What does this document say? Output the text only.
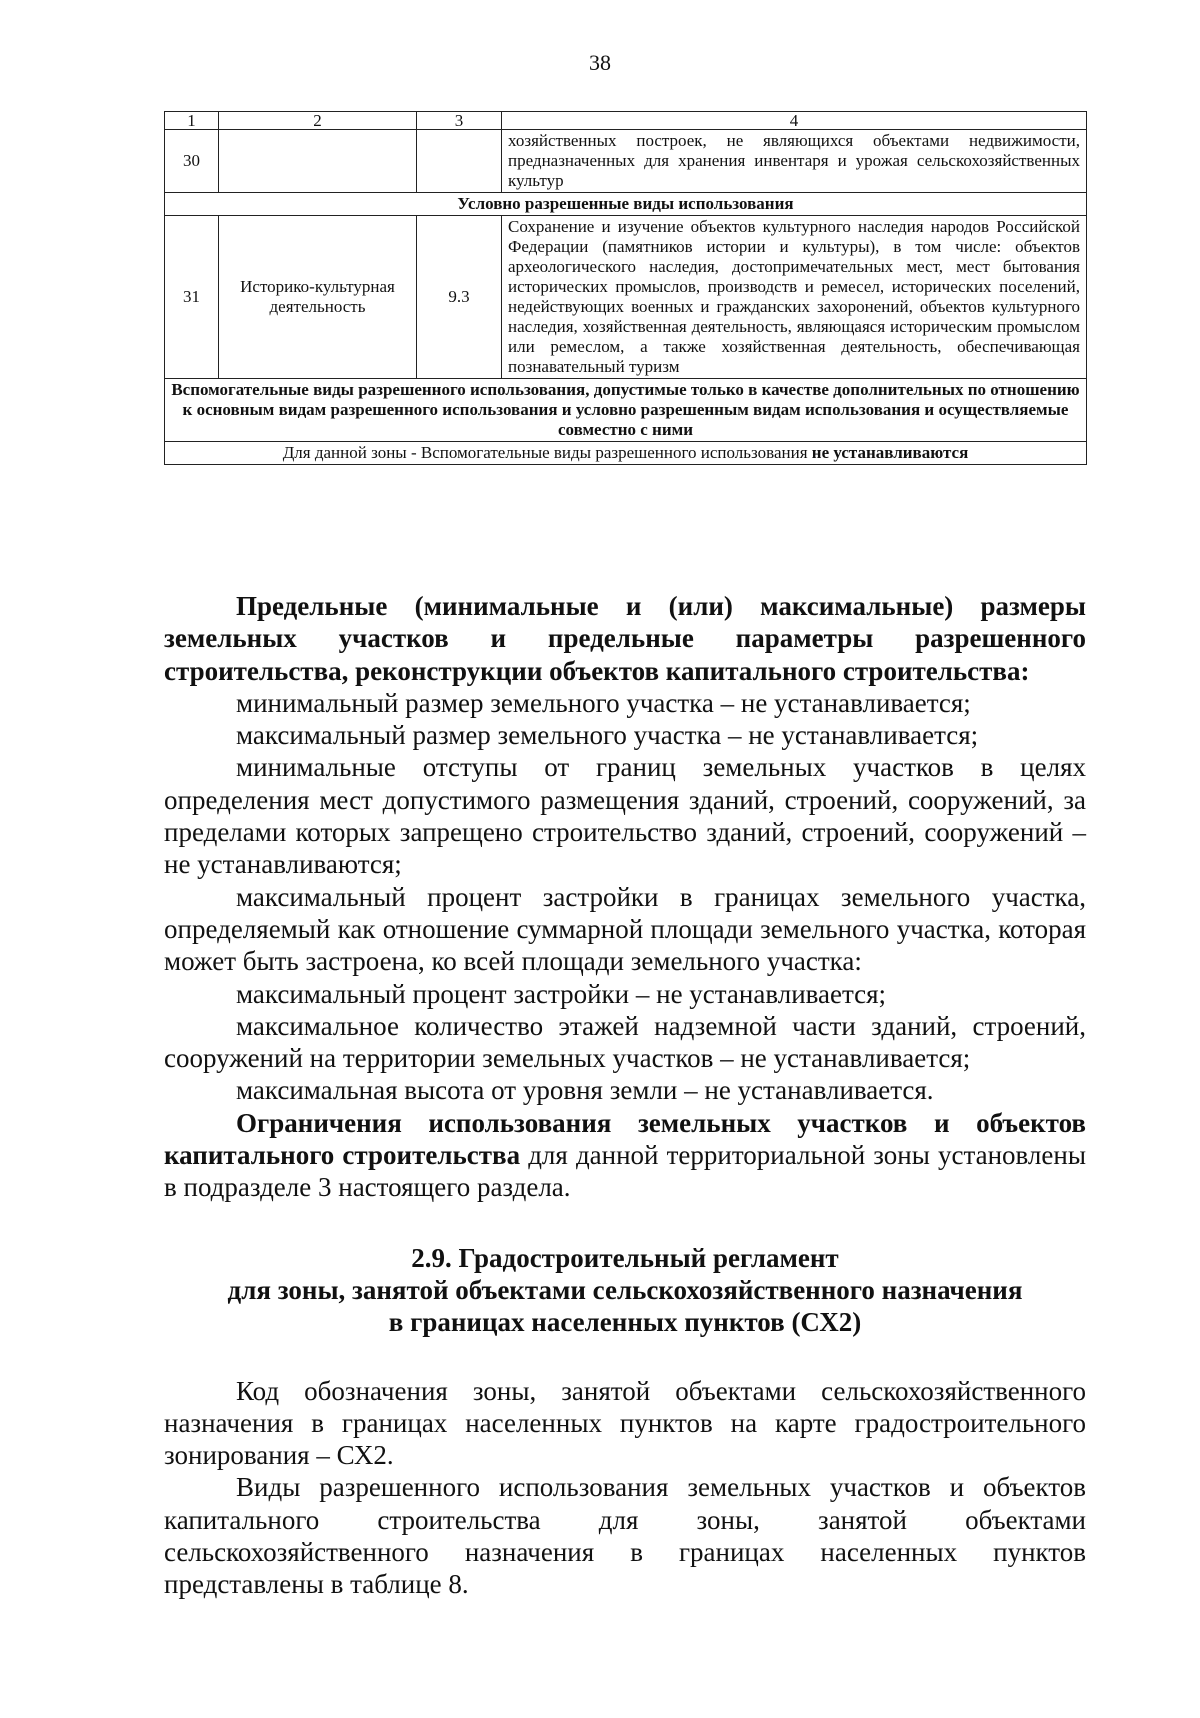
38
1	2	3	4
30			хозяйственных построек, не являющихся объектами недвижимости, предназначенных для хранения инвентаря и урожая сельскохозяйственных культур
Условно разрешенные виды использования			
31	Историко-культурная деятельность	9.3	Сохранение и изучение объектов культурного наследия народов Российской Федерации (памятников истории и культуры), в том числе: объектов археологического наследия, достопримечательных мест, мест бытования исторических промыслов, производств и ремесел, исторических поселений, недействующих военных и гражданских захоронений, объектов культурного наследия, хозяйственная деятельность, являющаяся историческим промыслом или ремеслом, а также хозяйственная деятельность, обеспечивающая познавательный туризм
Вспомогательные виды разрешенного использования, допустимые только в качестве дополнительных по отношению к основным видам разрешенного использования и условно разрешенным видам использования и осуществляемые совместно с ними			
Для данной зоны - Вспомогательные виды разрешенного использования не устанавливаются			

Предельные (минимальные и (или) максимальные) размеры земельных участков и предельные параметры разрешенного строительства, реконструкции объектов капитального строительства:

минимальный размер земельного участка – не устанавливается;

максимальный размер земельного участка – не устанавливается;

минимальные отступы от границ земельных участков в целях определения мест допустимого размещения зданий, строений, сооружений, за пределами которых запрещено строительство зданий, строений, сооружений – не устанавливаются;

максимальный процент застройки в границах земельного участка, определяемый как отношение суммарной площади земельного участка, которая может быть застроена, ко всей площади земельного участка:

максимальный процент застройки – не устанавливается;

максимальное количество этажей надземной части зданий, строений, сооружений на территории земельных участков – не устанавливается;

максимальная высота от уровня земли – не устанавливается.

Ограничения использования земельных участков и объектов капитального строительства для данной территориальной зоны установлены в подразделе 3 настоящего раздела.

2.9. Градостроительный регламент
для зоны, занятой объектами сельскохозяйственного назначения
в границах населенных пунктов (СХ2)

Код обозначения зоны, занятой объектами сельскохозяйственного назначения в границах населенных пунктов на карте градостроительного зонирования – СХ2.

Виды разрешенного использования земельных участков и объектов капитального строительства для зоны, занятой объектами сельскохозяйственного назначения в границах населенных пунктов представлены в таблице 8.
